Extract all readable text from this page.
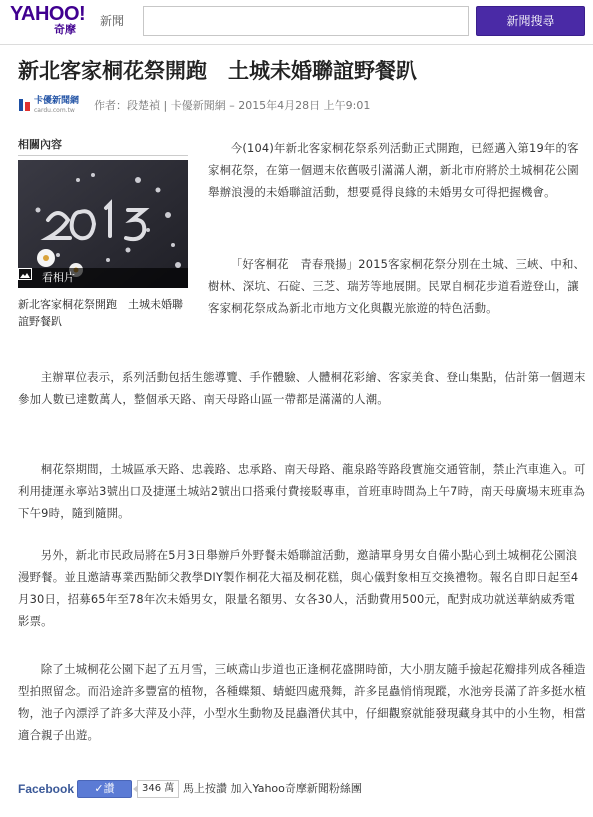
YAHOO!
奇摩
新聞	新聞搜尋
新北客家桐花祭開跑　土城未婚聯誼野餐趴
卡優新聞網
cardu.com.tw 作者：段楚禎 | 卡優新聞網 – 2015年4月28日 上午9:01
相關內容
看相片
新北客家桐花祭開跑　土城未婚聯誼野餐趴

今(104)年新北客家桐花祭系列活動正式開跑，已經邁入第19年的客家桐花祭，在第一個週末依舊吸引滿滿人潮，新北市府將於土城桐花公園舉辦浪漫的未婚聯誼活動，想要覓得良緣的未婚男女可得把握機會。

「好客桐花　青春飛揚」2015客家桐花祭分別在土城、三峽、中和、樹林、深坑、石碇、三芝、瑞芳等地展開。民眾自桐花步道看遊登山，讓客家桐花祭成為新北市地方文化與觀光旅遊的特色活動。

主辦單位表示，系列活動包括生態導覽、手作體驗、人體桐花彩繪、客家美食、登山集點，估計第一個週末參加人數已達數萬人，整個承天路、南天母路山區一帶都是滿滿的人潮。

桐花祭期間，土城區承天路、忠義路、忠承路、南天母路、龍泉路等路段實施交通管制，禁止汽車進入。可利用捷運永寧站3號出口及捷運土城站2號出口搭乘付費接駁專車，首班車時間為上午7時，南天母廣場末班車為下午9時，隨到隨開。

另外，新北市民政局將在5月3日舉辦戶外野餐未婚聯誼活動，邀請單身男女自備小點心到土城桐花公園浪漫野餐。並且邀請專業西點師父教學DIY製作桐花大福及桐花糕，與心儀對象相互交換禮物。報名自即日起至4月30日，招募65年至78年次未婚男女，限量名額男、女各30人，活動費用500元，配對成功就送華納威秀電影票。

除了土城桐花公園下起了五月雪，三峽鳶山步道也正逢桐花盛開時節，大小朋友隨手撿起花瓣排列成各種造型拍照留念。而沿途許多豐富的植物，各種蝶類、蜻蜓四處飛舞，許多昆蟲悄悄現蹤，水池旁長滿了許多挺水植物，池子內漂浮了許多大萍及小萍，小型水生動物及昆蟲潛伏其中，仔細觀察就能發現藏身其中的小生物，相當適合親子出遊。

Facebook	✓讚	346 萬 馬上按讚 加入Yahoo奇摩新聞粉絲團
